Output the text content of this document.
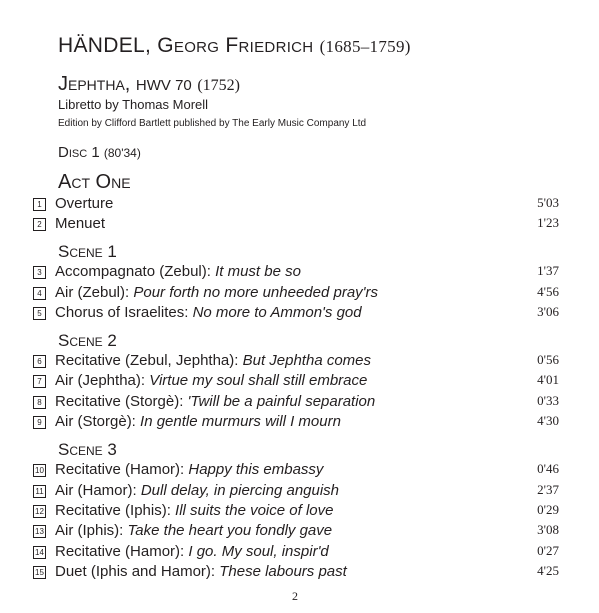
HÄNDEL, Georg Friedrich (1685–1759)
Jephtha, HWV 70 (1752)
Libretto by Thomas Morell
Edition by Clifford Bartlett published by The Early Music Company Ltd
Disc 1 (80'34)
Act One
Scene 1
Scene 2
Scene 3
1 Overture	5'03
2 Menuet	1'23
3 Accompagnato (Zebul): It must be so	1'37
4 Air (Zebul): Pour forth no more unheeded pray'rs	4'56
5 Chorus of Israelites: No more to Ammon's god	3'06
6 Recitative (Zebul, Jephtha): But Jephtha comes	0'56
7 Air (Jephtha): Virtue my soul shall still embrace	4'01
8 Recitative (Storgè): 'Twill be a painful separation	0'33
9 Air (Storgè): In gentle murmurs will I mourn	4'30
10 Recitative (Hamor): Happy this embassy	0'46
11 Air (Hamor): Dull delay, in piercing anguish	2'37
12 Recitative (Iphis): Ill suits the voice of love	0'29
13 Air (Iphis): Take the heart you fondly gave	3'08
14 Recitative (Hamor): I go. My soul, inspir'd	0'27
15 Duet (Iphis and Hamor): These labours past	4'25
2
